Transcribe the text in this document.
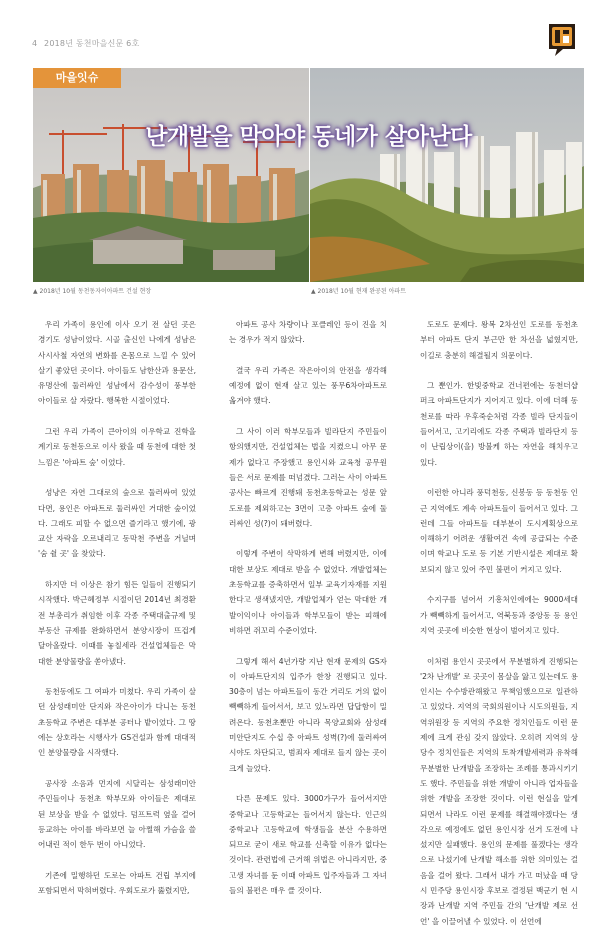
4 2018년 동천마을신문 6호
마을잇슈
난개발을 막아야 동네가 살아난다
▲ 2018년 10월 동천동자이아파트 건설 현장	▲ 2018년 10월 현재 완공된 아파트

우리 가족이 용인에 이사 오기 전 살던 곳은 경기도 성남이었다. 시골 출신인 나에게 성남은 사시사철 자연의 변화를 온몸으로 느낄 수 있어 살기 좋았던 곳이다. 아이들도 남한산과 용문산, 유명산에 둘러싸인 성남에서 감수성이 풍부한 아이들로 살 자랐다. 행복한 시절이었다.

그런 우리 가족이 큰아이의 이우학교 진학을 계기로 동천동으로 이사 왔을 때 동천에 대한 첫 느낌은 '아파트 숲' 이었다.

성냥은 자연 그대로의 숲으로 둘러싸여 있었다면, 용인은 아파트로 둘러싸인 거대한 숲이었다. 그래도 피할 수 없으면 즐기라고 했기에, 광교산 자락을 오르내리고 동막천 주변을 거닐며 '숨 쉴 곳' 을 찾았다.

하지만 더 이상은 참기 힘든 일들이 진행되기 시작했다. 박근혜정부 시절이던 2014년 최경환전 부총리가 취임한 이후 각종 주택대출규제 및 부동산 규제를 완화하면서 분양시장이 뜨겁게 달아올랐다. 이때를 놓칠세라 건설업체들은 막대한 분양물량을 쏟아냈다.

동천동에도 그 여파가 미쳤다. 우리 가족이 살던 삼성래미안 단지와 작은아이가 다니는 동천초등학교 주변은 대부분 공터나 밭이었다. 그 땅에는 상호라는 시행사가 GS건설과 함께 대대적인 분양물량을 시작했다.

공사장 소음과 먼지에 시달리는 삼성래미안 주민들이나 동천초 학부모와 아이들은 제대로 된 보상을 받을 수 없었다. 덤프트럭 옆을 걸어 등교하는 아이를 바라보면 늘 아쩔해 가슴을 쓸어내린 적이 한두 번이 아니었다.

기존에 밀행하던 도로는 아파트 건립 부지에 포함되면서 막혀버렸다. 우회도로가 뚫렸지만,

아파트 공사 차량이나 포클레인 등이 진을 치는 경우가 적지 않았다.

결국 우리 가족은 작은아이의 안전을 생각해 예정에 없이 현재 살고 있는 풍무6차아파트로 옮겨야 했다.

그 사이 이러 학부모들과 빌라단지 주민들이 항의했지만, 건설업체는 법을 지켰으니 아무 문제가 없다고 주장했고 용인시와 교육청 공무원들은 서로 문제를 떠넘겼다. 그러는 사이 아파트 공사는 빠르게 진행돼 동천초등학교는 성문 앞 도로를 제외하고는 3면이 고층 아파트 숲에 둘러싸인 성(?)이 돼버렸다.

이렇게 주변이 삭막하게 변해 버렸지만, 이에 대한 보상도 제대로 받을 수 없었다. 개발업체는 초등학교를 증축하면서 일부 교육기자재를 지원한다고 생색냈지만, 개발업체가 얻는 막대한 개발이익이나 아이들과 학부모들이 받는 피해에 비하면 쥐꼬리 수준이었다.

그렇게 해서 4년가량 지난 현재 문제의 GS자이 아파트단지의 입주가 한창 진행되고 있다. 30층이 넘는 아파트들이 동간 거리도 거의 없이 빽빽하게 들어서서, 보고 있노라면 답답함이 밀려온다. 동천초뿐만 아니라 목양교회와 삼성래미안단지도 수십 층 아파트 성벽(?)에 둘러싸여 시야도 차단되고, 범죄자 제대로 들지 않는 곳이 크게 늘었다.

다른 문제도 있다. 3000가구가 들어서지만 중학교나 고등학교는 들어서지 않는다. 인근의 중학교나 고등학교에 학생들을 분산 수용하면 되므로 굳이 새로 학교를 신축할 이유가 없다는 것이다. 관련법에 근거해 위법은 아니라지만, 중고생 자녀를 둔 이때 아파트 입주자들과 그 자녀들의 불편은 매우 클 것이다.

도로도 문제다. 왕복 2차선인 도로를 동천초부터 아파트 단지 부근만 한 차선을 넓혔지만, 이길로 충분히 해결될지 의문이다.

그 뿐인가. 한빛중학교 건너편에는 동천더샵퍼크 아파트단지가 지어지고 있다. 이에 더해 동천로를 따라 우후죽순처럼 각종 빌라 단지들이 들어서고, 고기리에도 각종 주택과 빌라단지 등이 난립상이(을) 방불케 하는 자연을 해치우고 있다.

이런한 아니라 풍덕천동, 신봉동 등 동천동 인근 지역에도 계속 아파트들이 들어서고 있다. 그런데 그들 아파트들 대부분이 도시계획상으로 이해하기 어려운 생활여건 속에 공급되는 수준이며 학교나 도로 등 기본 기반시설은 제대로 확보되지 않고 있어 주민 불편이 커지고 있다.

수지구를 넘어서 기흥처인에에는 9000세대가 빽빽하게 들어서고, 역북동과 중앙동 등 용인 지역 곳곳에 비슷한 현상이 벌어지고 있다.

이처럼 용인시 곳곳에서 무분별하게 진행되는 '2차 난개발' 로 곳곳이 몸살을 앓고 있는데도 용인시는 수수방관해왔고 무책임했으므로 일관하고 있었다. 지역의 국회의원이나 시도의원들, 지역위원장 등 지역의 주요한 정치인들도 이런 문제에 크게 관심 갖지 않았다. 오히려 지역의 상당수 정치인들은 지역의 토착개발세력과 유착해 무분별한 난개발을 조장하는 조례를 통과시키기도 했다. 주민들을 위한 개발이 아니라 업자들을 위한 개발을 조장한 것이다. 이런 현실을 알게 되면서 나라도 이런 문제를 해결해야겠다는 생각으로 예정에도 없던 용인시장 선거 도전에 나섰지만 실패했다. 용인의 문제를 풀겠다는 생각으로 나섰기에 난개발 해소를 위한 의미있는 걸음을 걸어 왔다. 그래서 내가 가고 떠났을 때 당시 민주당 용인시장 후보로 결정된 백군기 현 시장과 난개발 지역 주민들 간의 '난개발 제로 선언' 을 이끌어낼 수 있었다. 이 선언에
